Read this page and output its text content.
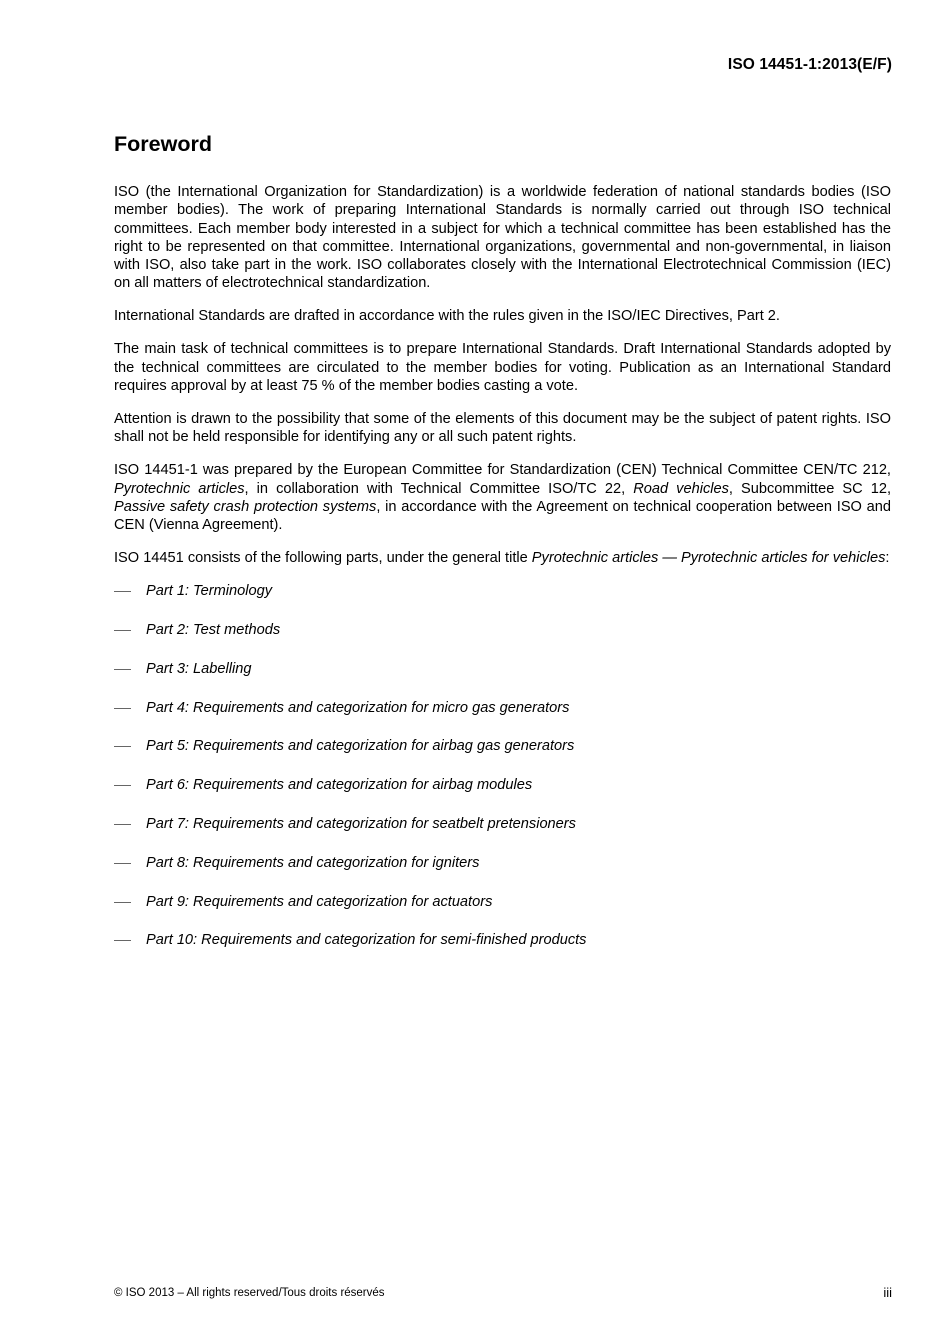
ISO 14451-1:2013(E/F)
Foreword

ISO (the International Organization for Standardization) is a worldwide federation of national standards bodies (ISO member bodies). The work of preparing International Standards is normally carried out through ISO technical committees. Each member body interested in a subject for which a technical committee has been established has the right to be represented on that committee. International organizations, governmental and non-governmental, in liaison with ISO, also take part in the work. ISO collaborates closely with the International Electrotechnical Commission (IEC) on all matters of electrotechnical standardization.

International Standards are drafted in accordance with the rules given in the ISO/IEC Directives, Part 2.

The main task of technical committees is to prepare International Standards. Draft International Standards adopted by the technical committees are circulated to the member bodies for voting. Publication as an International Standard requires approval by at least 75 % of the member bodies casting a vote.

Attention is drawn to the possibility that some of the elements of this document may be the subject of patent rights. ISO shall not be held responsible for identifying any or all such patent rights.

ISO 14451-1 was prepared by the European Committee for Standardization (CEN) Technical Committee CEN/TC 212, Pyrotechnic articles, in collaboration with Technical Committee ISO/TC 22, Road vehicles, Subcommittee SC 12, Passive safety crash protection systems, in accordance with the Agreement on technical cooperation between ISO and CEN (Vienna Agreement).

ISO 14451 consists of the following parts, under the general title Pyrotechnic articles — Pyrotechnic articles for vehicles:

Part 1: Terminology
Part 2: Test methods
Part 3: Labelling
Part 4: Requirements and categorization for micro gas generators
Part 5: Requirements and categorization for airbag gas generators
Part 6: Requirements and categorization for airbag modules
Part 7: Requirements and categorization for seatbelt pretensioners
Part 8: Requirements and categorization for igniters
Part 9: Requirements and categorization for actuators
Part 10: Requirements and categorization for semi-finished products
© ISO 2013 – All rights reserved/Tous droits réservés	iii
